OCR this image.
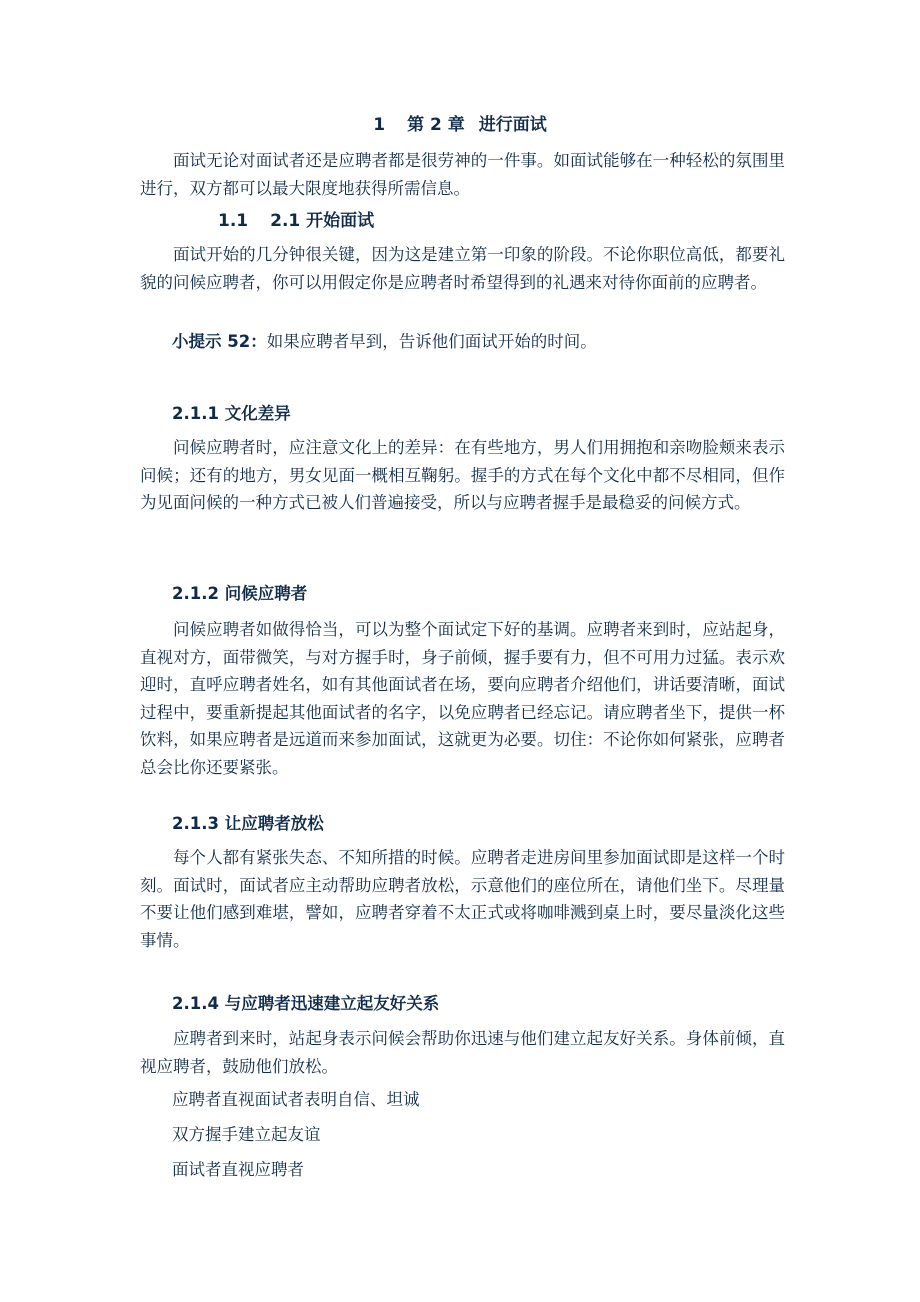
1 第 2 章 进行面试

面试无论对面试者还是应聘者都是很劳神的一件事。如面试能够在一种轻松的氛围里进行，双方都可以最大限度地获得所需信息。

1.1 2.1 开始面试

面试开始的几分钟很关键，因为这是建立第一印象的阶段。不论你职位高低，都要礼貌的问候应聘者，你可以用假定你是应聘者时希望得到的礼遇来对待你面前的应聘者。

小提示 52：如果应聘者早到，告诉他们面试开始的时间。
2.1.1 文化差异

问候应聘者时，应注意文化上的差异：在有些地方，男人们用拥抱和亲吻脸颊来表示问候；还有的地方，男女见面一概相互鞠躬。握手的方式在每个文化中都不尽相同，但作为见面问候的一种方式已被人们普遍接受，所以与应聘者握手是最稳妥的问候方式。

2.1.2 问候应聘者

问候应聘者如做得恰当，可以为整个面试定下好的基调。应聘者来到时，应站起身，直视对方，面带微笑，与对方握手时，身子前倾，握手要有力，但不可用力过猛。表示欢迎时，直呼应聘者姓名，如有其他面试者在场，要向应聘者介绍他们，讲话要清晰，面试过程中，要重新提起其他面试者的名字，以免应聘者已经忘记。请应聘者坐下，提供一杯饮料，如果应聘者是远道而来参加面试，这就更为必要。切住：不论你如何紧张，应聘者总会比你还要紧张。

2.1.3 让应聘者放松

每个人都有紧张失态、不知所措的时候。应聘者走进房间里参加面试即是这样一个时刻。面试时，面试者应主动帮助应聘者放松，示意他们的座位所在，请他们坐下。尽理量不要让他们感到难堪，譬如，应聘者穿着不太正式或将咖啡溅到桌上时，要尽量淡化这些事情。

2.1.4 与应聘者迅速建立起友好关系

应聘者到来时，站起身表示问候会帮助你迅速与他们建立起友好关系。身体前倾，直视应聘者，鼓励他们放松。

应聘者直视面试者表明自信、坦诚
双方握手建立起友谊
面试者直视应聘者
